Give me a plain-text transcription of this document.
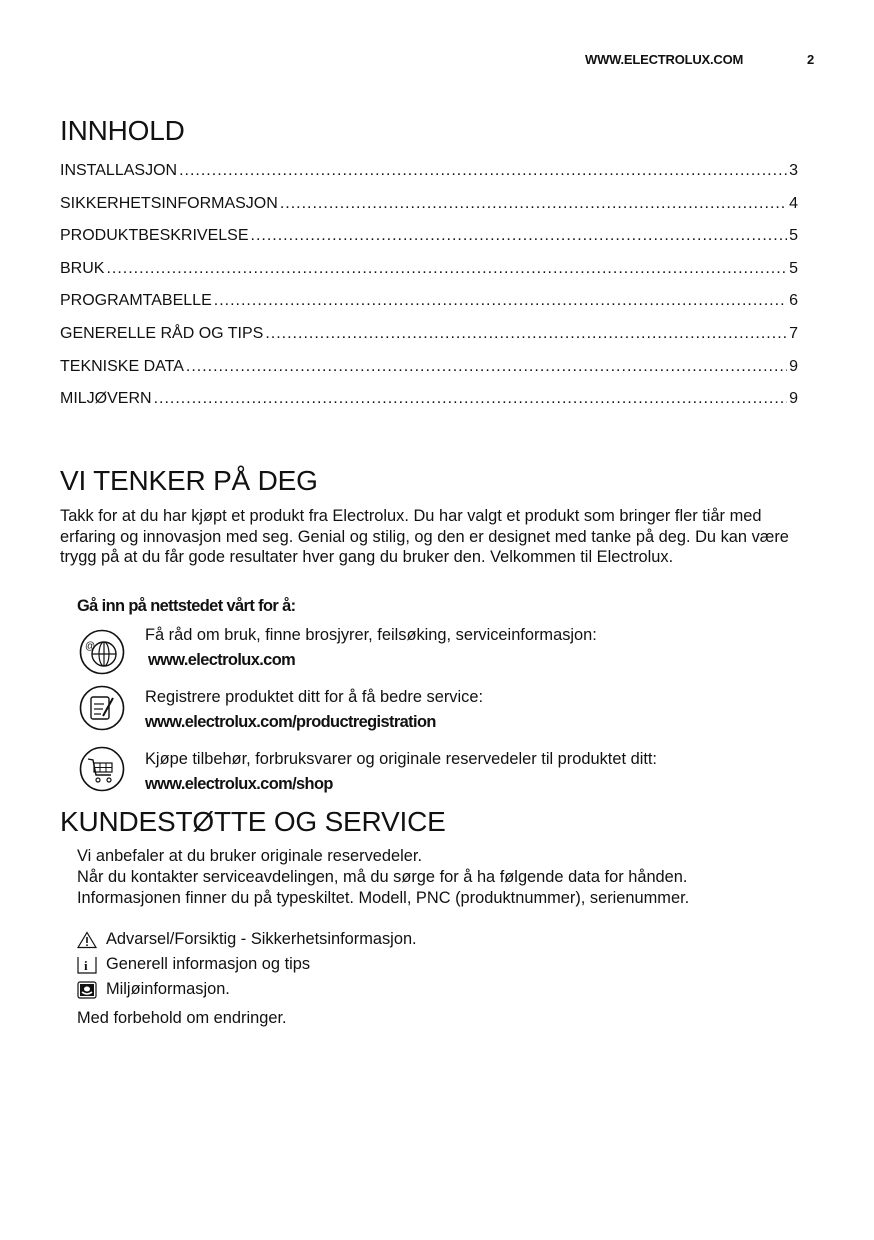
WWW.ELECTROLUX.COM	2
INNHOLD
INSTALLASJON .....	3
SIKKERHETSINFORMASJON .....	4
PRODUKTBESKRIVELSE .....	5
BRUK .....	5
PROGRAMTABELLE .....	6
GENERELLE RÅD OG TIPS .....	7
TEKNISKE DATA .....	9
MILJØVERN .....	9
VI TENKER PÅ DEG
Takk for at du har kjøpt et produkt fra Electrolux. Du har valgt et produkt som bringer fler tiår med erfaring og innovasjon med seg. Genial og stilig, og den er designet med tanke på deg. Du kan være trygg på at du får gode resultater hver gang du bruker den. Velkommen til Electrolux.
Gå inn på nettstedet vårt for å:
@
Få råd om bruk, finne brosjyrer, feilsøking, serviceinformasjon:
www.electrolux.com
Registrere produktet ditt for å få bedre service:
www.electrolux.com/productregistration
Kjøpe tilbehør, forbruksvarer og originale reservedeler til produktet ditt:
www.electrolux.com/shop
KUNDESTØTTE OG SERVICE
Vi anbefaler at du bruker originale reservedeler.
Når du kontakter serviceavdelingen, må du sørge for å ha følgende data for hånden.
Informasjonen finner du på typeskiltet. Modell, PNC (produktnummer), serienummer.
Advarsel/Forsiktig - Sikkerhetsinformasjon.
i Generell informasjon og tips
Miljøinformasjon.
Med forbehold om endringer.
